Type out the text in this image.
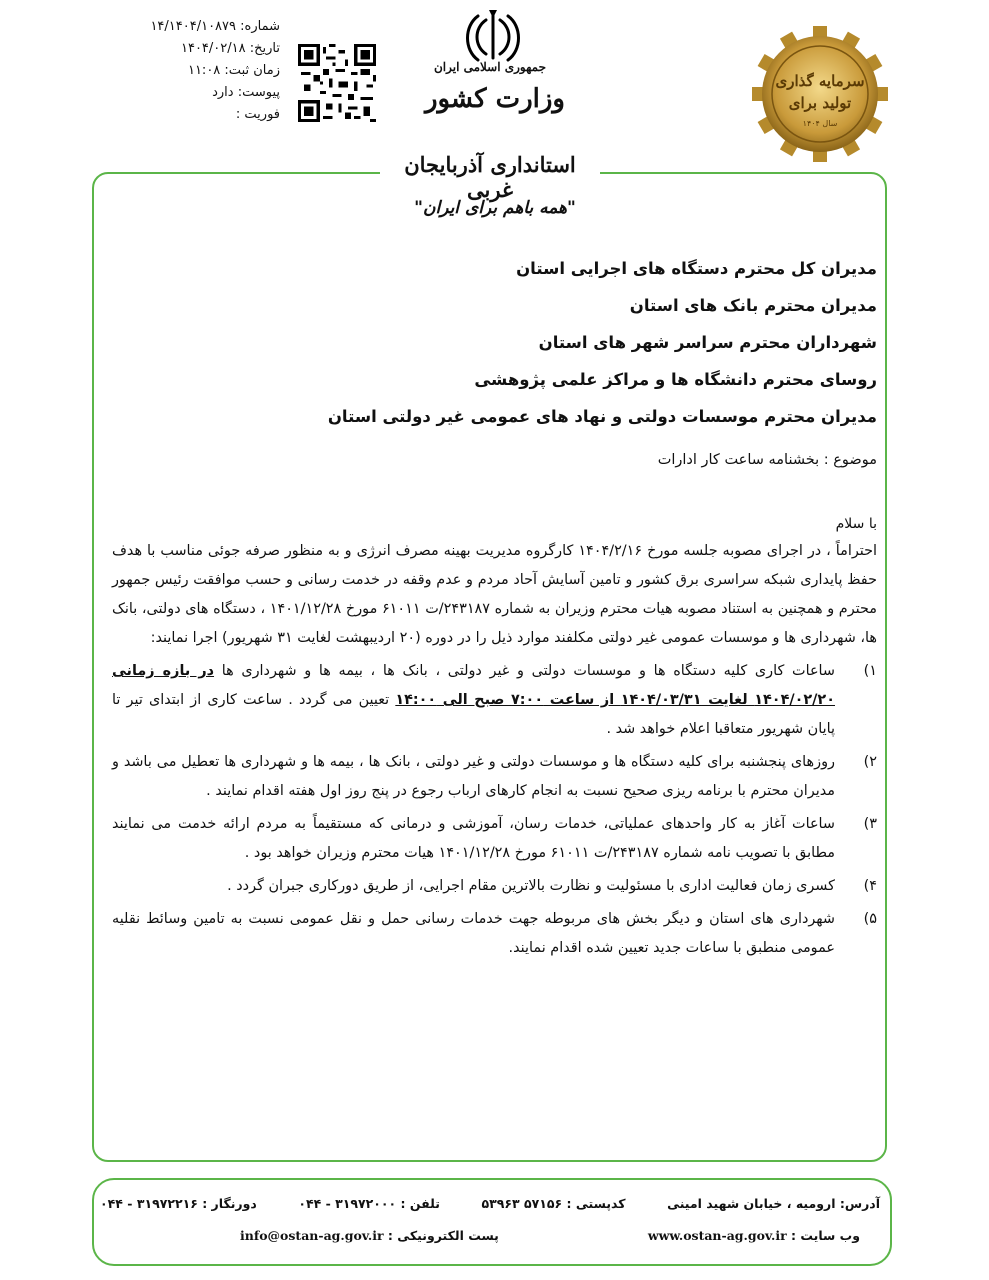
شماره: ۱۴/۱۴۰۴/۱۰۸۷۹
تاریخ: ۱۴۰۴/۰۲/۱۸
زمان ثبت: ۱۱:۰۸
پیوست: دارد
فوریت :
جمهوری اسلامی ایران
وزارت کشور
سرمایه گذاری
تولید برای
سال ۱۴۰۴
استانداری آذربایجان غربی
"همه باهم برای ایران"
مدیران کل محترم دستگاه های اجرایی استان
مدیران محترم بانک های استان
شهرداران محترم سراسر شهر های استان
روسای محترم دانشگاه ها و مراکز علمی پژوهشی
مدیران محترم موسسات دولتی و نهاد های عمومی غیر دولتی استان
موضوع : بخشنامه ساعت کار ادارات
با سلام
احتراماً ، در اجرای مصوبه جلسه مورخ ۱۴۰۴/۲/۱۶ کارگروه مدیریت بهینه مصرف انرژی و به منظور صرفه جوئی مناسب با هدف حفظ پایداری شبکه سراسری برق کشور و تامین آسایش آحاد مردم و عدم وقفه در خدمت رسانی و حسب موافقت رئیس جمهور محترم و همچنین به استناد مصوبه هیات محترم وزیران به شماره ۲۴۳۱۸۷/ت ۶۱۰۱۱ مورخ ۱۴۰۱/۱۲/۲۸ ، دستگاه های دولتی، بانک ها، شهرداری ها و موسسات عمومی غیر دولتی مکلفند موارد ذیل را در دوره (۲۰ اردیبهشت لغایت ۳۱ شهریور) اجرا نمایند:
۱)
ساعات کاری کلیه دستگاه ها و موسسات دولتی و غیر دولتی ، بانک ها ، بیمه ها و شهرداری ها در بازه زمانی ۱۴۰۴/۰۲/۲۰ لغایت ۱۴۰۴/۰۳/۳۱ از ساعت ۷:۰۰ صبح الی ۱۴:۰۰ تعیین می گردد . ساعت کاری از ابتدای تیر تا پایان شهریور متعاقبا اعلام خواهد شد .
۲)
روزهای پنجشنبه برای کلیه دستگاه ها و موسسات دولتی و غیر دولتی ، بانک ها ، بیمه ها و شهرداری ها تعطیل می باشد و مدیران محترم با برنامه ریزی صحیح نسبت به انجام کارهای ارباب رجوع در پنج روز اول هفته اقدام نمایند .
۳)
ساعات آغاز به کار واحدهای عملیاتی، خدمات رسان، آموزشی و درمانی که مستقیماً به مردم ارائه خدمت می نمایند مطابق با تصویب نامه شماره ۲۴۳۱۸۷/ت ۶۱۰۱۱ مورخ ۱۴۰۱/۱۲/۲۸ هیات محترم وزیران خواهد بود .
۴)
کسری زمان فعالیت اداری با مسئولیت و نظارت بالاترین مقام اجرایی، از طریق دورکاری جبران گردد .
۵)
شهرداری های استان و دیگر بخش های مربوطه جهت خدمات رسانی حمل و نقل عمومی نسبت به تامین وسائط نقلیه عمومی منطبق با ساعات جدید تعیین شده اقدام نمایند.
آدرس: ارومیه ، خیابان شهید امینی
کدپستی : ۵۷۱۵۶ ۵۳۹۶۳
تلفن : ۳۱۹۷۲۰۰۰ - ۰۴۴
دورنگار : ۳۱۹۷۲۲۱۶ - ۰۴۴
وب سایت : www.ostan-ag.gov.ir
پست الکترونیکی : info@ostan-ag.gov.ir
